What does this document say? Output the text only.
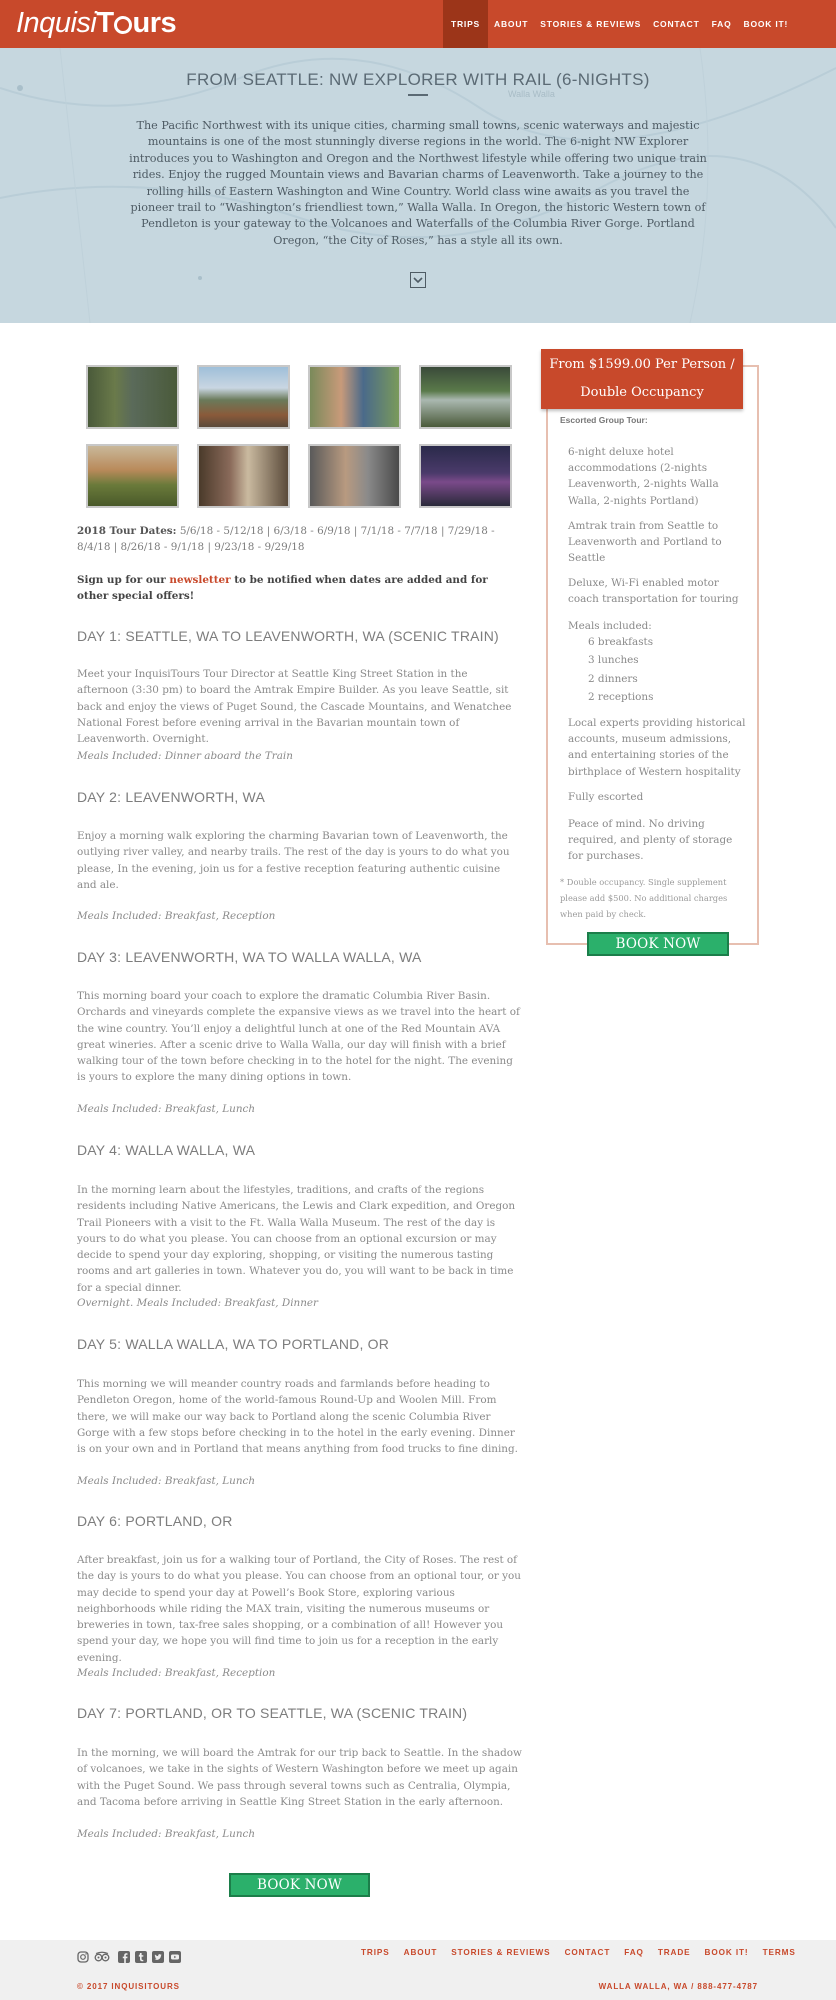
InquisiT urs	TRIPS	ABOUT	STORIES & REVIEWS	CONTACT	FAQ	BOOK IT!
Walla Walla
FROM SEATTLE: NW EXPLORER WITH RAIL (6-NIGHTS)
The Pacific Northwest with its unique cities, charming small towns, scenic waterways and majestic mountains is one of the most stunningly diverse regions in the world. The 6-night NW Explorer introduces you to Washington and Oregon and the Northwest lifestyle while offering two unique train rides. Enjoy the rugged Mountain views and Bavarian charms of Leavenworth. Take a journey to the rolling hills of Eastern Washington and Wine Country. World class wine awaits as you travel the pioneer trail to “Washington’s friendliest town,” Walla Walla. In Oregon, the historic Western town of Pendleton is your gateway to the Volcanoes and Waterfalls of the Columbia River Gorge. Portland Oregon, “the City of Roses,” has a style all its own.
2018 Tour Dates: 5/6/18 - 5/12/18 | 6/3/18 - 6/9/18 | 7/1/18 - 7/7/18 | 7/29/18 - 8/4/18 | 8/26/18 - 9/1/18 | 9/23/18 - 9/29/18
Sign up for our newsletter to be notified when dates are added and for other special offers!
DAY 1: SEATTLE, WA TO LEAVENWORTH, WA (SCENIC TRAIN)
Meet your InquisiTours Tour Director at Seattle King Street Station in the afternoon (3:30 pm) to board the Amtrak Empire Builder. As you leave Seattle, sit back and enjoy the views of Puget Sound, the Cascade Mountains, and Wenatchee National Forest before evening arrival in the Bavarian mountain town of Leavenworth. Overnight.
Meals Included: Dinner aboard the Train
DAY 2: LEAVENWORTH, WA
Enjoy a morning walk exploring the charming Bavarian town of Leavenworth, the outlying river valley, and nearby trails. The rest of the day is yours to do what you please, In the evening, join us for a festive reception featuring authentic cuisine and ale.
Meals Included: Breakfast, Reception
DAY 3: LEAVENWORTH, WA TO WALLA WALLA, WA
This morning board your coach to explore the dramatic Columbia River Basin. Orchards and vineyards complete the expansive views as we travel into the heart of the wine country. You’ll enjoy a delightful lunch at one of the Red Mountain AVA great wineries. After a scenic drive to Walla Walla, our day will finish with a brief walking tour of the town before checking in to the hotel for the night. The evening is yours to explore the many dining options in town.
Meals Included: Breakfast, Lunch
DAY 4: WALLA WALLA, WA
In the morning learn about the lifestyles, traditions, and crafts of the regions residents including Native Americans, the Lewis and Clark expedition, and Oregon Trail Pioneers with a visit to the Ft. Walla Walla Museum. The rest of the day is yours to do what you please. You can choose from an optional excursion or may decide to spend your day exploring, shopping, or visiting the numerous tasting rooms and art galleries in town. Whatever you do, you will want to be back in time for a special dinner.
Overnight. Meals Included: Breakfast, Dinner
DAY 5: WALLA WALLA, WA TO PORTLAND, OR
This morning we will meander country roads and farmlands before heading to Pendleton Oregon, home of the world-famous Round-Up and Woolen Mill. From there, we will make our way back to Portland along the scenic Columbia River Gorge with a few stops before checking in to the hotel in the early evening. Dinner is on your own and in Portland that means anything from food trucks to fine dining.
Meals Included: Breakfast, Lunch
DAY 6: PORTLAND, OR
After breakfast, join us for a walking tour of Portland, the City of Roses. The rest of the day is yours to do what you please. You can choose from an optional tour, or you may decide to spend your day at Powell’s Book Store, exploring various neighborhoods while riding the MAX train, visiting the numerous museums or breweries in town, tax-free sales shopping, or a combination of all! However you spend your day, we hope you will find time to join us for a reception in the early evening.
Meals Included: Breakfast, Reception
DAY 7: PORTLAND, OR TO SEATTLE, WA (SCENIC TRAIN)
In the morning, we will board the Amtrak for our trip back to Seattle. In the shadow of volcanoes, we take in the sights of Western Washington before we meet up again with the Puget Sound. We pass through several towns such as Centralia, Olympia, and Tacoma before arriving in Seattle King Street Station in the early afternoon.
Meals Included: Breakfast, Lunch
BOOK NOW
From $1599.00 Per Person /
Double Occupancy
Escorted Group Tour:
6-night deluxe hotel accommodations (2-nights Leavenworth, 2-nights Walla Walla, 2-nights Portland)
Amtrak train from Seattle to Leavenworth and Portland to Seattle
Deluxe, Wi-Fi enabled motor coach transportation for touring
Meals included:
6 breakfasts
3 lunches
2 dinners
2 receptions
Local experts providing historical accounts, museum admissions, and entertaining stories of the birthplace of Western hospitality
Fully escorted
Peace of mind. No driving required, and plenty of storage for purchases.
* Double occupancy. Single supplement please add $500. No additional charges when paid by check.
BOOK NOW
TRIPS ABOUT STORIES & REVIEWS CONTACT FAQ TRADE BOOK IT! TERMS
© 2017 INQUISITOURS	WALLA WALLA, WA / 888-477-4787
